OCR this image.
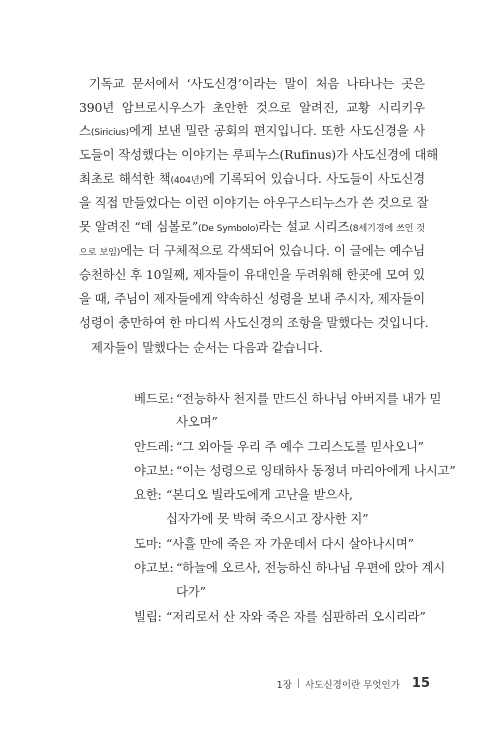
기독교 문서에서 ‘사도신경’이라는 말이 처음 나타나는 곳은
390년 암브로시우스가 초안한 것으로 알려진, 교황 시리키우
스(Siricius)에게 보낸 밀란 공회의 편지입니다. 또한 사도신경을 사
도들이 작성했다는 이야기는 루피누스(Rufinus)가 사도신경에 대해
최초로 해석한 책(404년)에 기록되어 있습니다. 사도들이 사도신경
을 직접 만들었다는 이런 이야기는 아우구스티누스가 쓴 것으로 잘
못 알려진 “데 심볼로”(De Symbolo)라는 설교 시리즈(8세기경에 쓰인 것
으로 보임)에는 더 구체적으로 각색되어 있습니다. 이 글에는 예수님
승천하신 후 10일째, 제자들이 유대인을 두려워해 한곳에 모여 있
을 때, 주님이 제자들에게 약속하신 성령을 보내 주시자, 제자들이
성령이 충만하여 한 마디씩 사도신경의 조항을 말했다는 것입니다.
제자들이 말했다는 순서는 다음과 같습니다.
베드로: “전능하사 천지를 만드신 하나님 아버지를 내가 믿
사오며”
안드레: “그 외아들 우리 주 예수 그리스도를 믿사오니”
야고보: “이는 성령으로 잉태하사 동정녀 마리아에게 나시고”
요한: “본디오 빌라도에게 고난을 받으사,
십자가에 못 박혀 죽으시고 장사한 지”
도마: “사흘 만에 죽은 자 가운데서 다시 살아나시며”
야고보: “하늘에 오르사, 전능하신 하나님 우편에 앉아 계시
다가”
빌립: “저리로서 산 자와 죽은 자를 심판하러 오시리라”
1장 | 사도신경이란 무엇인가 15
